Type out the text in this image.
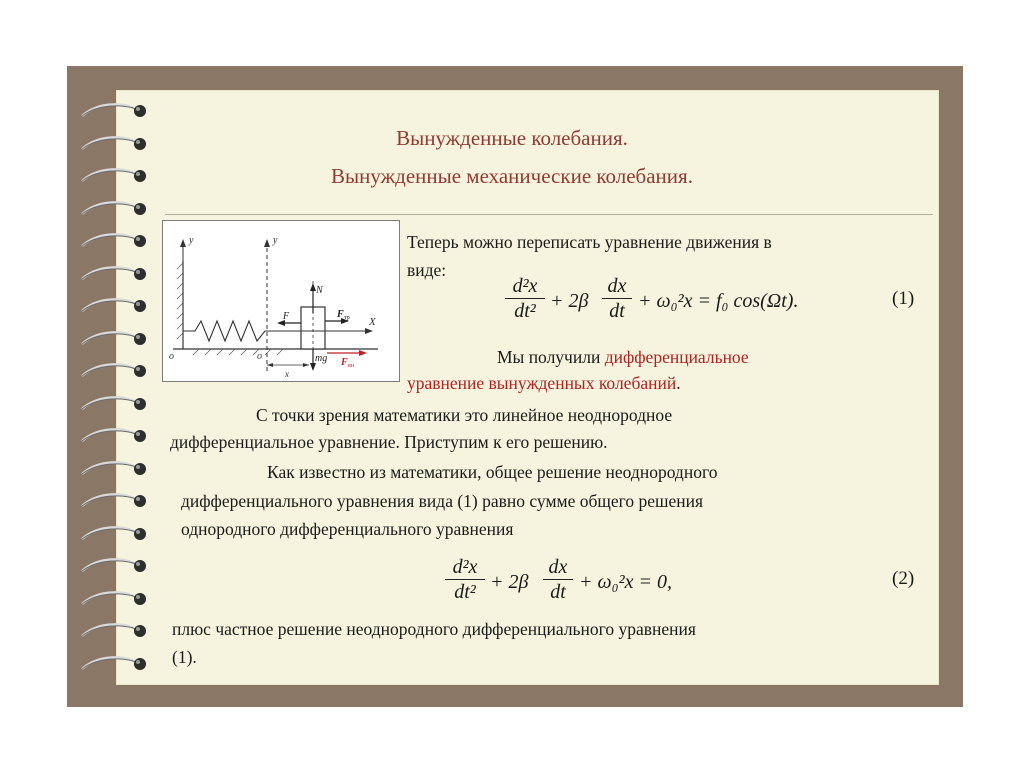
Вынужденные колебания.
Вынужденные механические колебания.
y	y
o	o
X
x
N
F	F тр
mg F вн
Теперь можно переписать уравнение движения в
виде:
$\frac{\text{d²x}}{\text{dt²}} + 2\beta \frac{dx}{dt} + \omega_0^2x = f_0$ cos(Ωt).	(1)
Мы получили дифференциальное
уравнение вынужденных колебаний.
С точки зрения математики это линейное неоднородное
дифференциальное уравнение. Приступим к его решению.
Как известно из математики, общее решение неоднородного
дифференциального уравнения вида (1) равно сумме общего решения
однородного дифференциального уравнения
$\frac{\text{d²x}}{\text{dt²}} + 2\beta \frac{dx}{dt} + \omega_0^2x = 0$,	(2)
плюс частное решение неоднородного дифференциального уравнения
(1).
